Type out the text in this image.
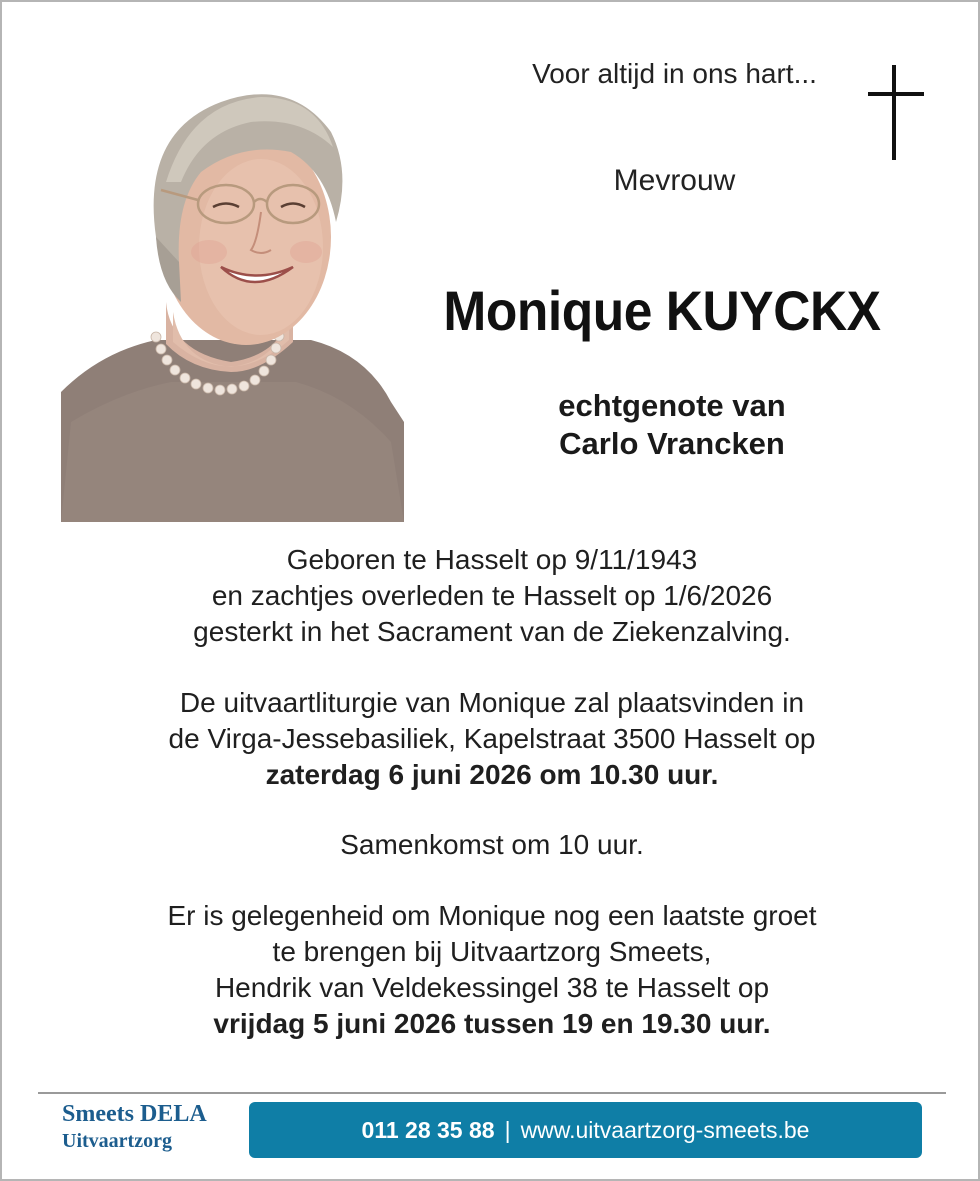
Voor altijd in ons hart...
Mevrouw
Monique KUYCKX
echtgenote van
Carlo Vrancken
Geboren te Hasselt op 9/11/1943
en zachtjes overleden te Hasselt op 1/6/2026
gesterkt in het Sacrament van de Ziekenzalving.
De uitvaartliturgie van Monique zal plaatsvinden in
de Virga-Jessebasiliek, Kapelstraat 3500 Hasselt op
zaterdag 6 juni 2026 om 10.30 uur.
Samenkomst om 10 uur.
Er is gelegenheid om Monique nog een laatste groet
te brengen bij Uitvaartzorg Smeets,
Hendrik van Veldekessingel 38 te Hasselt op
vrijdag 5 juni 2026 tussen 19 en 19.30 uur.
Smeets DELA
Uitvaartzorg	011 28 35 88 | www.uitvaartzorg-smeets.be
